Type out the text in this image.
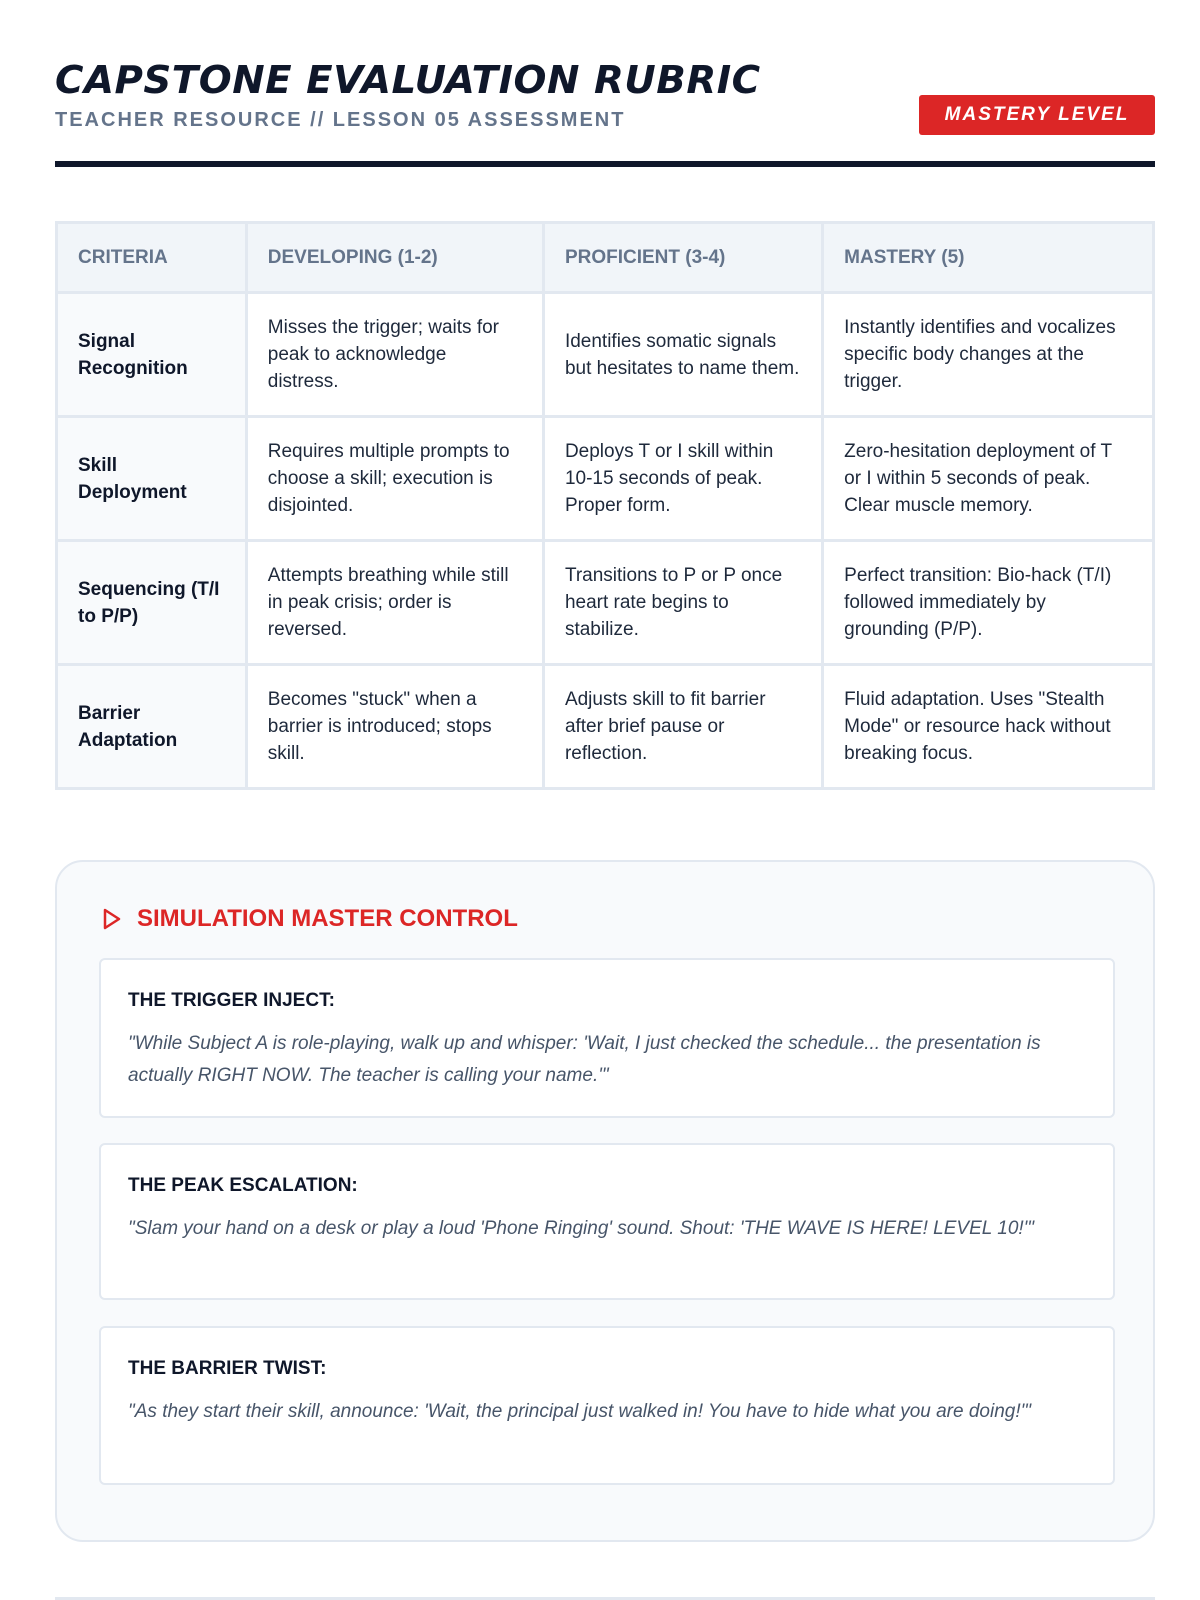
CAPSTONE EVALUATION RUBRIC
TEACHER RESOURCE // LESSON 05 ASSESSMENT	MASTERY LEVEL
CRITERIA	DEVELOPING (1-2)	PROFICIENT (3-4)	MASTERY (5)
Signal Recognition	Misses the trigger; waits for peak to acknowledge distress.	Identifies somatic signals but hesitates to name them.	Instantly identifies and vocalizes specific body changes at the trigger.
Skill Deployment	Requires multiple prompts to choose a skill; execution is disjointed.	Deploys T or I skill within 10-15 seconds of peak. Proper form.	Zero-hesitation deployment of T or I within 5 seconds of peak. Clear muscle memory.
Sequencing (T/I to P/P)	Attempts breathing while still in peak crisis; order is reversed.	Transitions to P or P once heart rate begins to stabilize.	Perfect transition: Bio-hack (T/I) followed immediately by grounding (P/P).
Barrier Adaptation	Becomes "stuck" when a barrier is introduced; stops skill.	Adjusts skill to fit barrier after brief pause or reflection.	Fluid adaptation. Uses "Stealth Mode" or resource hack without breaking focus.
SIMULATION MASTER CONTROL
THE TRIGGER INJECT:
"While Subject A is role-playing, walk up and whisper: 'Wait, I just checked the schedule... the presentation is actually RIGHT NOW. The teacher is calling your name.'"
THE PEAK ESCALATION:
"Slam your hand on a desk or play a loud 'Phone Ringing' sound. Shout: 'THE WAVE IS HERE! LEVEL 10!'"
THE BARRIER TWIST:
"As they start their skill, announce: 'Wait, the principal just walked in! You have to hide what you are doing!'"
